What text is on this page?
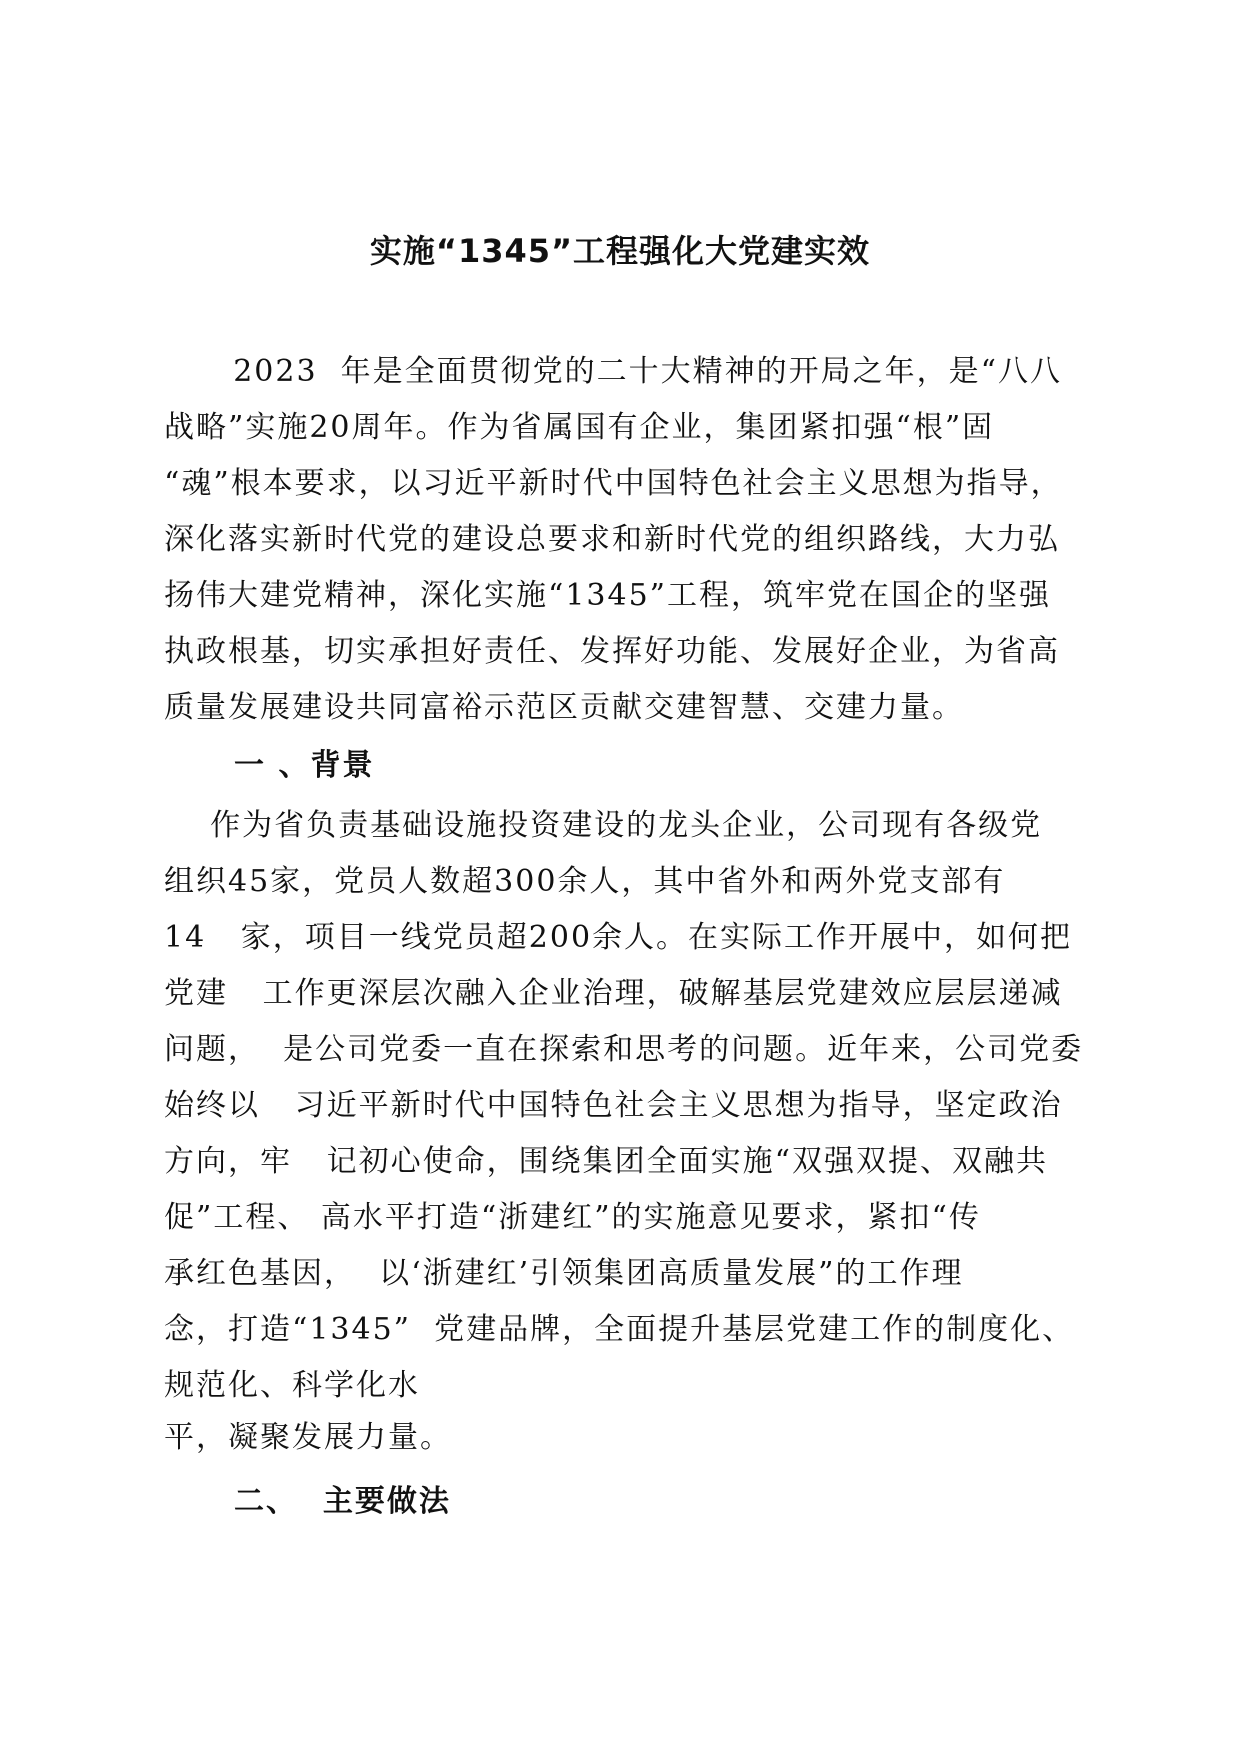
实施“1345”工程强化大党建实效
2023  年是全面贯彻党的二十大精神的开局之年，是“八八
战略”实施20周年。作为省属国有企业，集团紧扣强“根”固
“魂”根本要求，以习近平新时代中国特色社会主义思想为指导，
深化落实新时代党的建设总要求和新时代党的组织路线，大力弘
扬伟大建党精神，深化实施“1345”工程，筑牢党在国企的坚强
执政根基，切实承担好责任、发挥好功能、发展好企业，为省高
质量发展建设共同富裕示范区贡献交建智慧、交建力量。
一 、背景
作为省负责基础设施投资建设的龙头企业，公司现有各级党
组织45家，党员人数超300余人，其中省外和两外党支部有
14   家，项目一线党员超200余人。在实际工作开展中，如何把
党建   工作更深层次融入企业治理，破解基层党建效应层层递减
问题，  是公司党委一直在探索和思考的问题。近年来，公司党委
始终以   习近平新时代中国特色社会主义思想为指导，坚定政治
方向，牢   记初心使命，围绕集团全面实施“双强双提、双融共
促”工程、 高水平打造“浙建红”的实施意见要求，紧扣“传
承红色基因，  以‘浙建红’引领集团高质量发展”的工作理
念，打造“1345”  党建品牌，全面提升基层党建工作的制度化、
规范化、科学化水
平，凝聚发展力量。
二、  主要做法
